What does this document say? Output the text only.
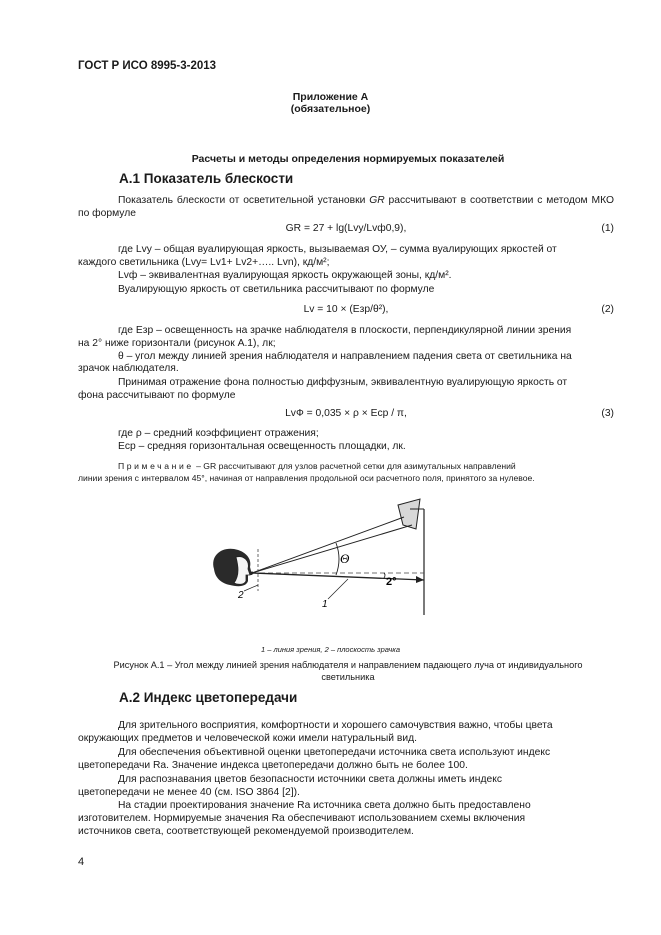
ГОСТ Р ИСО 8995-3-2013
Приложение А
(обязательное)
Расчеты и методы определения нормируемых показателей
А.1 Показатель блескости
Показатель блескости от осветительной установки GR рассчитывают в соответствии с методом МКО по формуле
GR = 27 + lg(Lvy/Lvф0,9),	(1)
где Lvy – общая вуалирующая яркость, вызываемая ОУ, – сумма вуалирующих яркостей от
каждого светильника (Lvy= Lv1+ Lv2+….. Lvn), кд/м²;
Lvф – эквивалентная вуалирующая яркость окружающей зоны, кд/м².
Вуалирующую яркость от светильника рассчитывают по формуле
Lv = 10 × (Eзр/θ²),	(2)
где Eзр – освещенность на зрачке наблюдателя в плоскости, перпендикулярной линии зрения
на 2° ниже горизонтали (рисунок А.1), лк;
θ – угол между линией зрения наблюдателя и направлением падения света от светильника на
зрачок наблюдателя.
Принимая отражение фона полностью диффузным, эквивалентную вуалирующую яркость от
фона рассчитывают по формуле
LvФ = 0,035 × ρ × Eср / π,	(3)
где ρ – средний коэффициент отражения;
Eср – средняя горизонтальная освещенность площадки, лк.
Примечание – GR рассчитывают для узлов расчетной сетки для азимутальных направлений
линии зрения с интервалом 45°, начиная от направления продольной оси расчетного поля, принятого за нулевое.
Θ
2°
2
1
1 – линия зрения, 2 – плоскость зрачка
Рисунок А.1 – Угол между линией зрения наблюдателя и направлением падающего луча от индивидуального
светильника
А.2 Индекс цветопередачи
Для зрительного восприятия, комфортности и хорошего самочувствия важно, чтобы цвета
окружающих предметов и человеческой кожи имели натуральный вид.
Для обеспечения объективной оценки цветопередачи источника света используют индекс
цветопередачи Ra. Значение индекса цветопередачи должно быть не более 100.
Для распознавания цветов безопасности источники света должны иметь индекс
цветопередачи не менее 40 (см. ISO 3864 [2]).
На стадии проектирования значение Ra источника света должно быть предоставлено
изготовителем. Нормируемые значения Ra обеспечивают использованием схемы включения
источников света, соответствующей рекомендуемой производителем.
4
